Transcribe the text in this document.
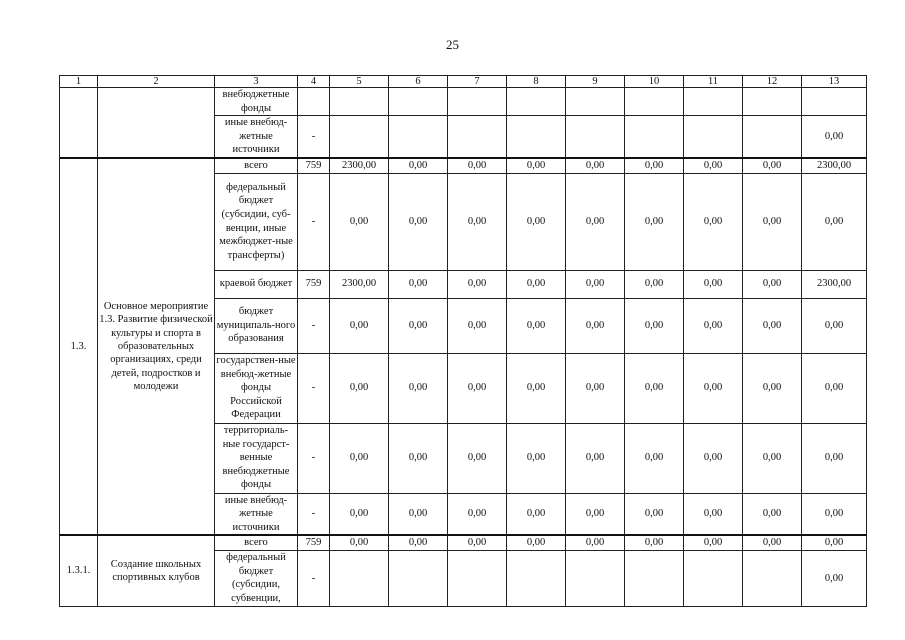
25
1	2	3	4	5	6	7	8	9	10	11	12	13
		внебюджетные фонды										
		иные внебюд-жетные источники	-									0,00
1.3.	Основное мероприятие 1.3. Развитие физической культуры и спорта в образовательных организациях, среди детей, подростков и молодежи	всего	759	2300,00	0,00	0,00	0,00	0,00	0,00	0,00	0,00	2300,00
		федеральный бюджет (субсидии, суб-венции, иные межбюджет-ные трансферты)	-	0,00	0,00	0,00	0,00	0,00	0,00	0,00	0,00	0,00
		краевой бюджет	759	2300,00	0,00	0,00	0,00	0,00	0,00	0,00	0,00	2300,00
		бюджет муниципаль-ного образования	-	0,00	0,00	0,00	0,00	0,00	0,00	0,00	0,00	0,00
		государствен-ные внебюд-жетные фонды Российской Федерации	-	0,00	0,00	0,00	0,00	0,00	0,00	0,00	0,00	0,00
		территориаль-ные государст-венные внебюджетные фонды	-	0,00	0,00	0,00	0,00	0,00	0,00	0,00	0,00	0,00
		иные внебюд-жетные источники	-	0,00	0,00	0,00	0,00	0,00	0,00	0,00	0,00	0,00
1.3.1.	Создание школьных спортивных клубов	всего	759	0,00	0,00	0,00	0,00	0,00	0,00	0,00	0,00	0,00
		федеральный бюджет (субсидии, субвенции,	-									0,00
